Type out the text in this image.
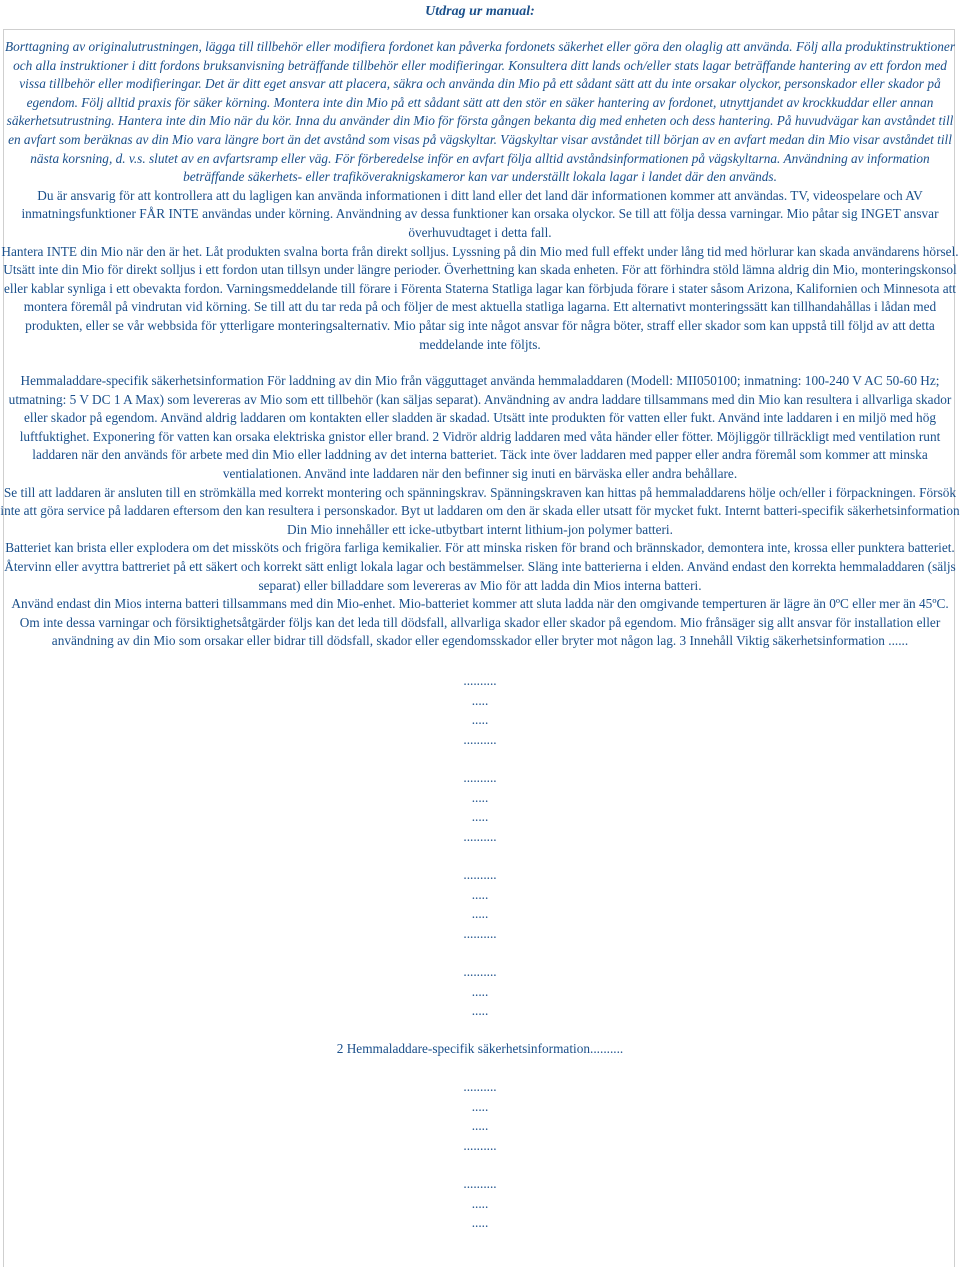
Utdrag ur manual:

Borttagning av originalutrustningen, lägga till tillbehör eller modifiera fordonet kan påverka fordonets säkerhet eller göra den olaglig att använda. Följ alla produktinstruktioner och alla instruktioner i ditt fordons bruksanvisning beträffande tillbehör eller modifieringar. Konsultera ditt lands och/eller stats lagar beträffande hantering av ett fordon med vissa tillbehör eller modifieringar. Det är ditt eget ansvar att placera, säkra och använda din Mio på ett sådant sätt att du inte orsakar olyckor, personskador eller skador på egendom. Följ alltid praxis för säker körning. Montera inte din Mio på ett sådant sätt att den stör en säker hantering av fordonet, utnyttjandet av krockkuddar eller annan säkerhetsutrustning. Hantera inte din Mio när du kör. Inna du använder din Mio för första gången bekanta dig med enheten och dess hantering. På huvudvägar kan avståndet till en avfart som beräknas av din Mio vara längre bort än det avstånd som visas på vägskyltar. Vägskyltar visar avståndet till början av en avfart medan din Mio visar avståndet till nästa korsning, d. v.s. slutet av en avfartsramp eller väg. För förberedelse inför en avfart följa alltid avståndsinformationen på vägskyltarna. Användning av information beträffande säkerhets- eller trafiköveraknigskameror kan var underställt lokala lagar i landet där den används.

Du är ansvarig för att kontrollera att du lagligen kan använda informationen i ditt land eller det land där informationen kommer att användas. TV, videospelare och AV inmatningsfunktioner FÅR INTE användas under körning. Användning av dessa funktioner kan orsaka olyckor. Se till att följa dessa varningar. Mio påtar sig INGET ansvar överhuvudtaget i detta fall.

Hantera INTE din Mio när den är het. Låt produkten svalna borta från direkt solljus. Lyssning på din Mio med full effekt under lång tid med hörlurar kan skada användarens hörsel. Utsätt inte din Mio för direkt solljus i ett fordon utan tillsyn under längre perioder. Överhettning kan skada enheten. För att förhindra stöld lämna aldrig din Mio, monteringskonsol eller kablar synliga i ett obevakta fordon. Varningsmeddelande till förare i Förenta Staterna Statliga lagar kan förbjuda förare i stater såsom Arizona, Kalifornien och Minnesota att montera föremål på vindrutan vid körning. Se till att du tar reda på och följer de mest aktuella statliga lagarna. Ett alternativt monteringssätt kan tillhandahållas i lådan med produkten, eller se vår webbsida för ytterligare monteringsalternativ. Mio påtar sig inte något ansvar för några böter, straff eller skador som kan uppstå till följd av att detta meddelande inte följts.

Hemmaladdare-specifik säkerhetsinformation För laddning av din Mio från vägguttaget använda hemmaladdaren (Modell: MII050100; inmatning: 100-240 V AC 50-60 Hz; utmatning: 5 V DC 1 A Max) som levereras av Mio som ett tillbehör (kan säljas separat). Användning av andra laddare tillsammans med din Mio kan resultera i allvarliga skador eller skador på egendom. Använd aldrig laddaren om kontakten eller sladden är skadad. Utsätt inte produkten för vatten eller fukt. Använd inte laddaren i en miljö med hög luftfuktighet. Exponering för vatten kan orsaka elektriska gnistor eller brand. 2 Vidrör aldrig laddaren med våta händer eller fötter. Möjliggör tillräckligt med ventilation runt laddaren när den används för arbete med din Mio eller laddning av det interna batteriet. Täck inte över laddaren med papper eller andra föremål som kommer att minska ventialationen. Använd inte laddaren när den befinner sig inuti en bärväska eller andra behållare.

Se till att laddaren är ansluten till en strömkälla med korrekt montering och spänningskrav. Spänningskraven kan hittas på hemmaladdarens hölje och/eller i förpackningen. Försök inte att göra service på laddaren eftersom den kan resultera i personskador. Byt ut laddaren om den är skada eller utsatt för mycket fukt. Internt batteri-specifik säkerhetsinformation Din Mio innehåller ett icke-utbytbart internt lithium-jon polymer batteri.

Batteriet kan brista eller explodera om det missköts och frigöra farliga kemikalier. För att minska risken för brand och brännskador, demontera inte, krossa eller punktera batteriet. Återvinn eller avyttra battreriet på ett säkert och korrekt sätt enligt lokala lagar och bestämmelser. Släng inte batterierna i elden. Använd endast den korrekta hemmaladdaren (säljs separat) eller billaddare som levereras av Mio för att ladda din Mios interna batteri.

Använd endast din Mios interna batteri tillsammans med din Mio-enhet. Mio-batteriet kommer att sluta ladda när den omgivande temperturen är lägre än 0ºC eller mer än 45ºC. Om inte dessa varningar och försiktighetsåtgärder följs kan det leda till dödsfall, allvarliga skador eller skador på egendom. Mio frånsäger sig allt ansvar för installation eller användning av din Mio som orsakar eller bidrar till dödsfall, skador eller egendomsskador eller bryter mot någon lag. 3 Innehåll Viktig säkerhetsinformation ......

..........
.....
.....
..........
..........
.....
.....
..........
..........
.....
.....
..........
..........
.....
.....
2 Hemmaladdare-specifik säkerhetsinformation..........
..........
.....
.....
..........
..........
.....
.....
